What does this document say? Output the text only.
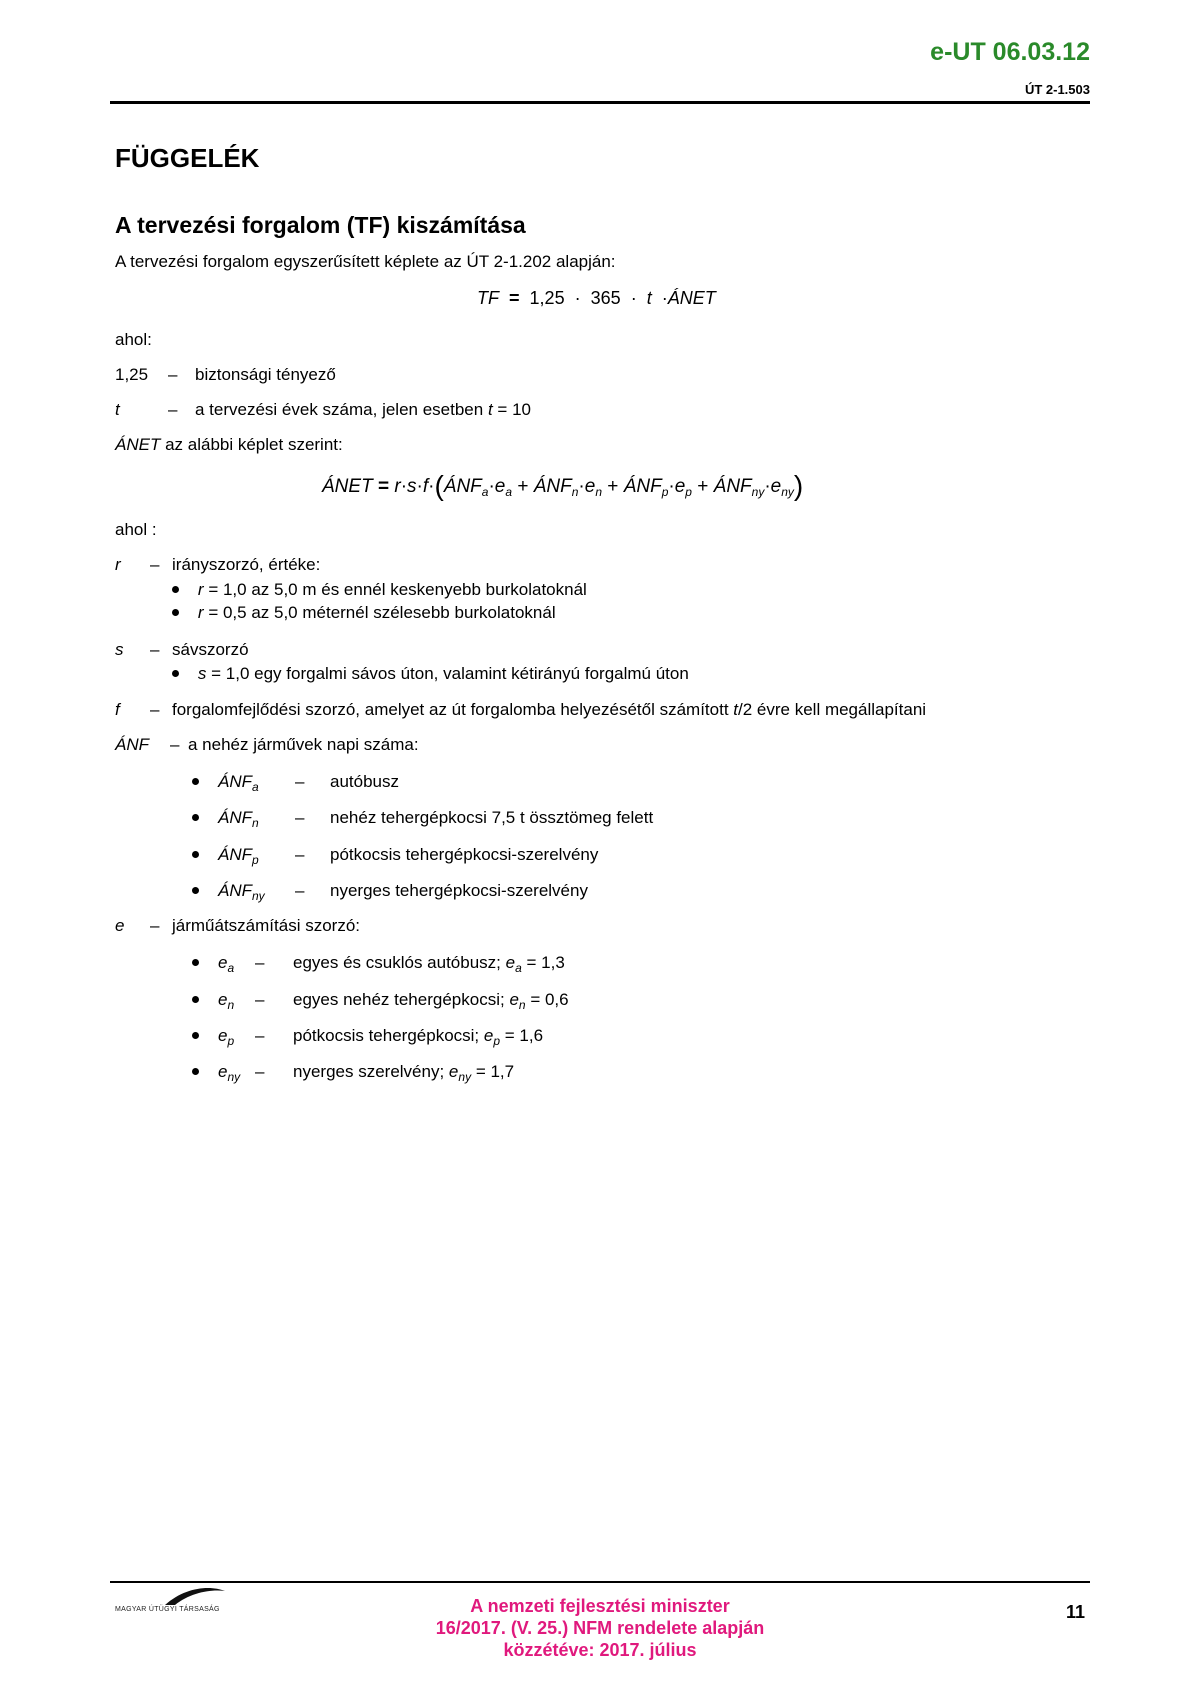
e-UT 06.03.12
ÚT 2-1.503
FÜGGELÉK
A tervezési forgalom (TF) kiszámítása
A tervezési forgalom egyszerűsített képlete az ÚT 2-1.202 alapján:
TF = 1,25 · 365 · t ·ÁNET
ahol:
1,25 – biztonsági tényező
t	– a tervezési évek száma, jelen esetben t = 10
ÁNET az alábbi képlet szerint:
ÁNET = $r\cdot s\cdot f\cdot(ÁNF_a\cdot e_a$ + $ÁNF_n\cdot e_n$ + $ÁNF_p\cdot e_p$ + $ÁNF_{ny}\cdot e_{ny}$)
ahol :
r – irányszorzó, értéke:
r = 1,0 az 5,0 m és ennél keskenyebb burkolatoknál
r = 0,5 az 5,0 méternél szélesebb burkolatoknál
s – sávszorzó
s = 1,0 egy forgalmi sávos úton, valamint kétirányú forgalmú úton
f – forgalomfejlődési szorzó, amelyet az út forgalomba helyezésétől számított t/2 évre kell megállapítani
ÁNF – a nehéz járművek napi száma:
$ÁNF_a$ – autóbusz
$ÁNF_n$ – nehéz tehergépkocsi 7,5 t össztömeg felett
$ÁNF_p$ – pótkocsis tehergépkocsi-szerelvény
$ÁNF_{ny}$ – nyerges tehergépkocsi-szerelvény
e – járműátszámítási szorzó:
$e_a$ – egyes és csuklós autóbusz; $e_a = 1,3$
$e_n$ – egyes nehéz tehergépkocsi; $e_n = 0,6$
$e_p$ – pótkocsis tehergépkocsi; $e_p = 1,6$
$e_{ny}$ – nyerges szerelvény; $e_{ny} = 1,7$
MAGYAR ÚTÜGYI TÁRSASÁG	A nemzeti fejlesztési miniszter
16/2017. (V. 25.) NFM rendelete alapján
közzétéve: 2017. július
11
